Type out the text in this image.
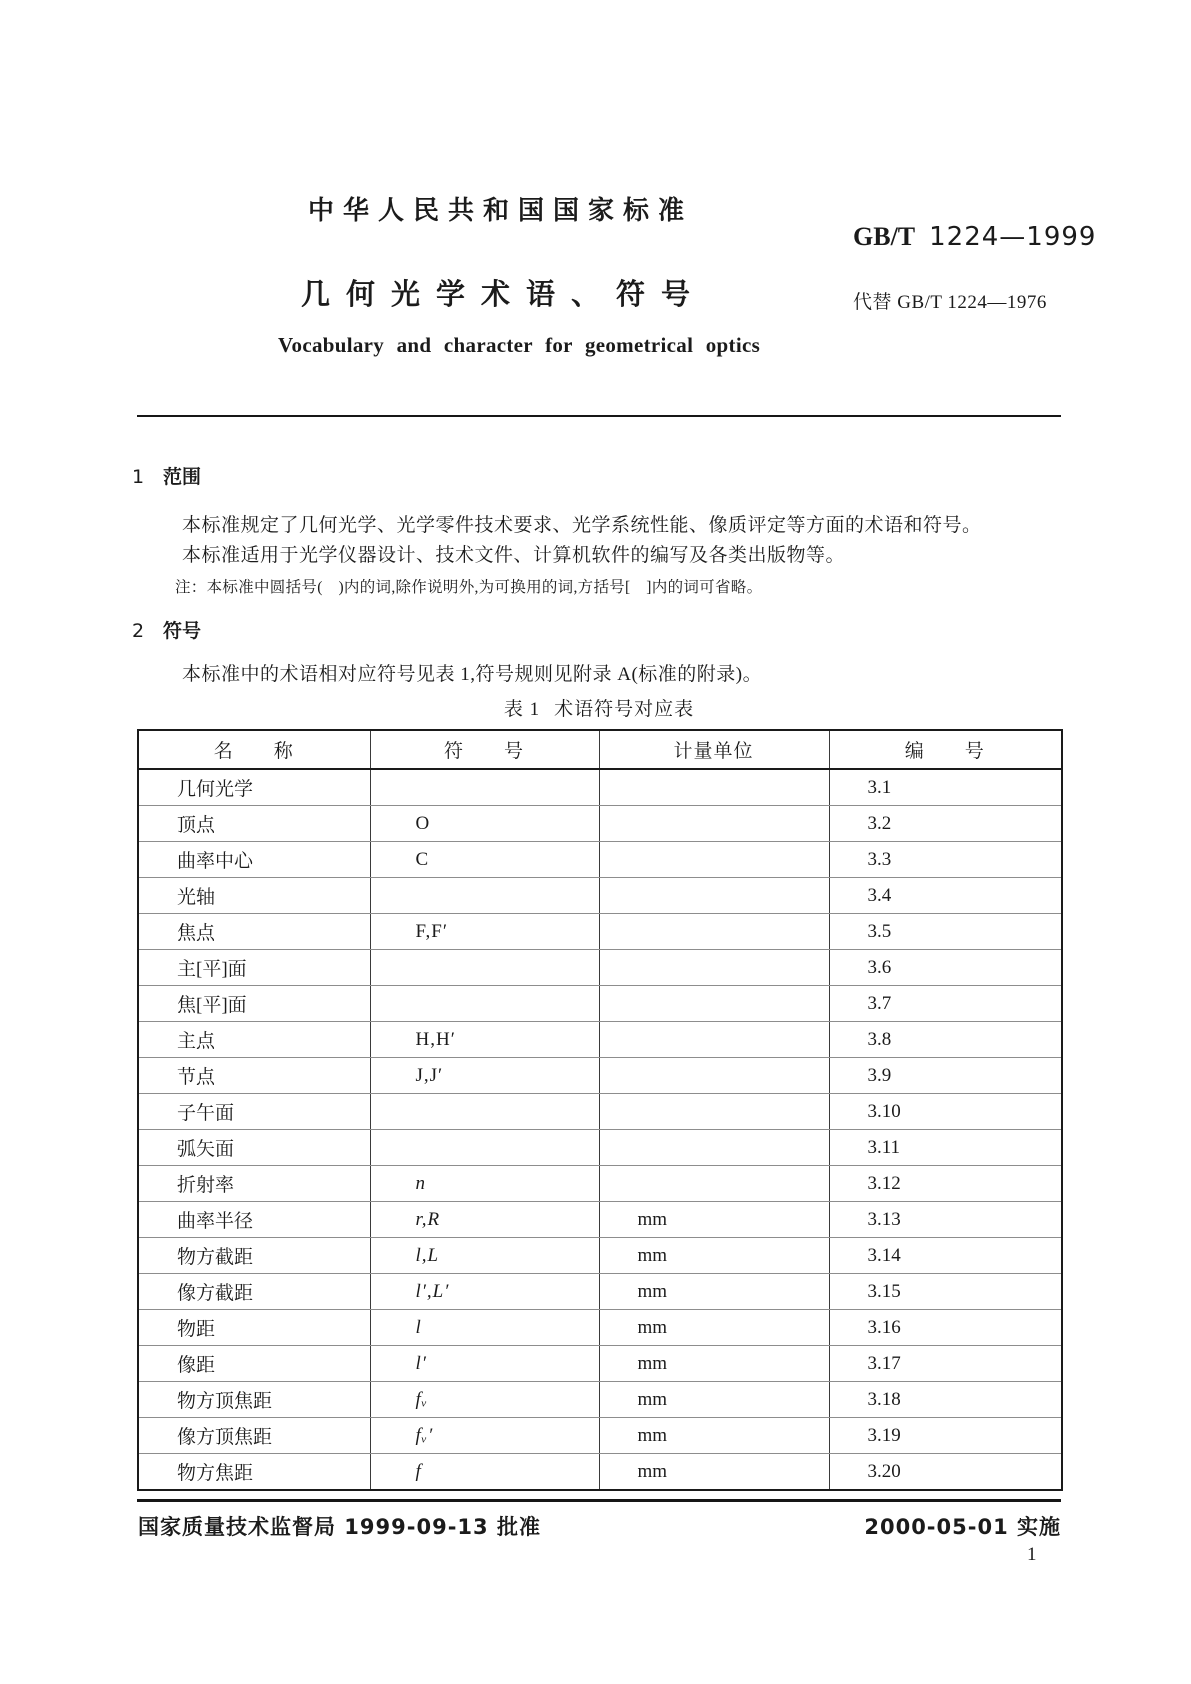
中华人民共和国国家标准
GB/T 1224—1999
几何光学术语、符号	代替 GB/T 1224—1976
Vocabulary and character for geometrical optics
1 范围
本标准规定了几何光学、光学零件技术要求、光学系统性能、像质评定等方面的术语和符号。
本标准适用于光学仪器设计、技术文件、计算机软件的编写及各类出版物等。
注：本标准中圆括号(　)内的词,除作说明外,为可换用的词,方括号[　]内的词可省略。
2 符号
本标准中的术语相对应符号见表 1,符号规则见附录 A(标准的附录)。
表 1 术语符号对应表
名　　称	符　　号	计量单位	编　　号
几何光学			3.1
顶点	O		3.2
曲率中心	C		3.3
光轴			3.4
焦点	F,F′		3.5
主[平]面			3.6
焦[平]面			3.7
主点	H,H′		3.8
节点	J,J′		3.9
子午面			3.10
弧矢面			3.11
折射率	n		3.12
曲率半径	r,R	mm	3.13
物方截距	l,L	mm	3.14
像方截距	l′,L′	mm	3.15
物距	l	mm	3.16
像距	l′	mm	3.17
物方顶焦距	fᵥ	mm	3.18
像方顶焦距	fᵥ′	mm	3.19
物方焦距	f	mm	3.20
国家质量技术监督局 1999-09-13 批准	2000-05-01 实施
1
